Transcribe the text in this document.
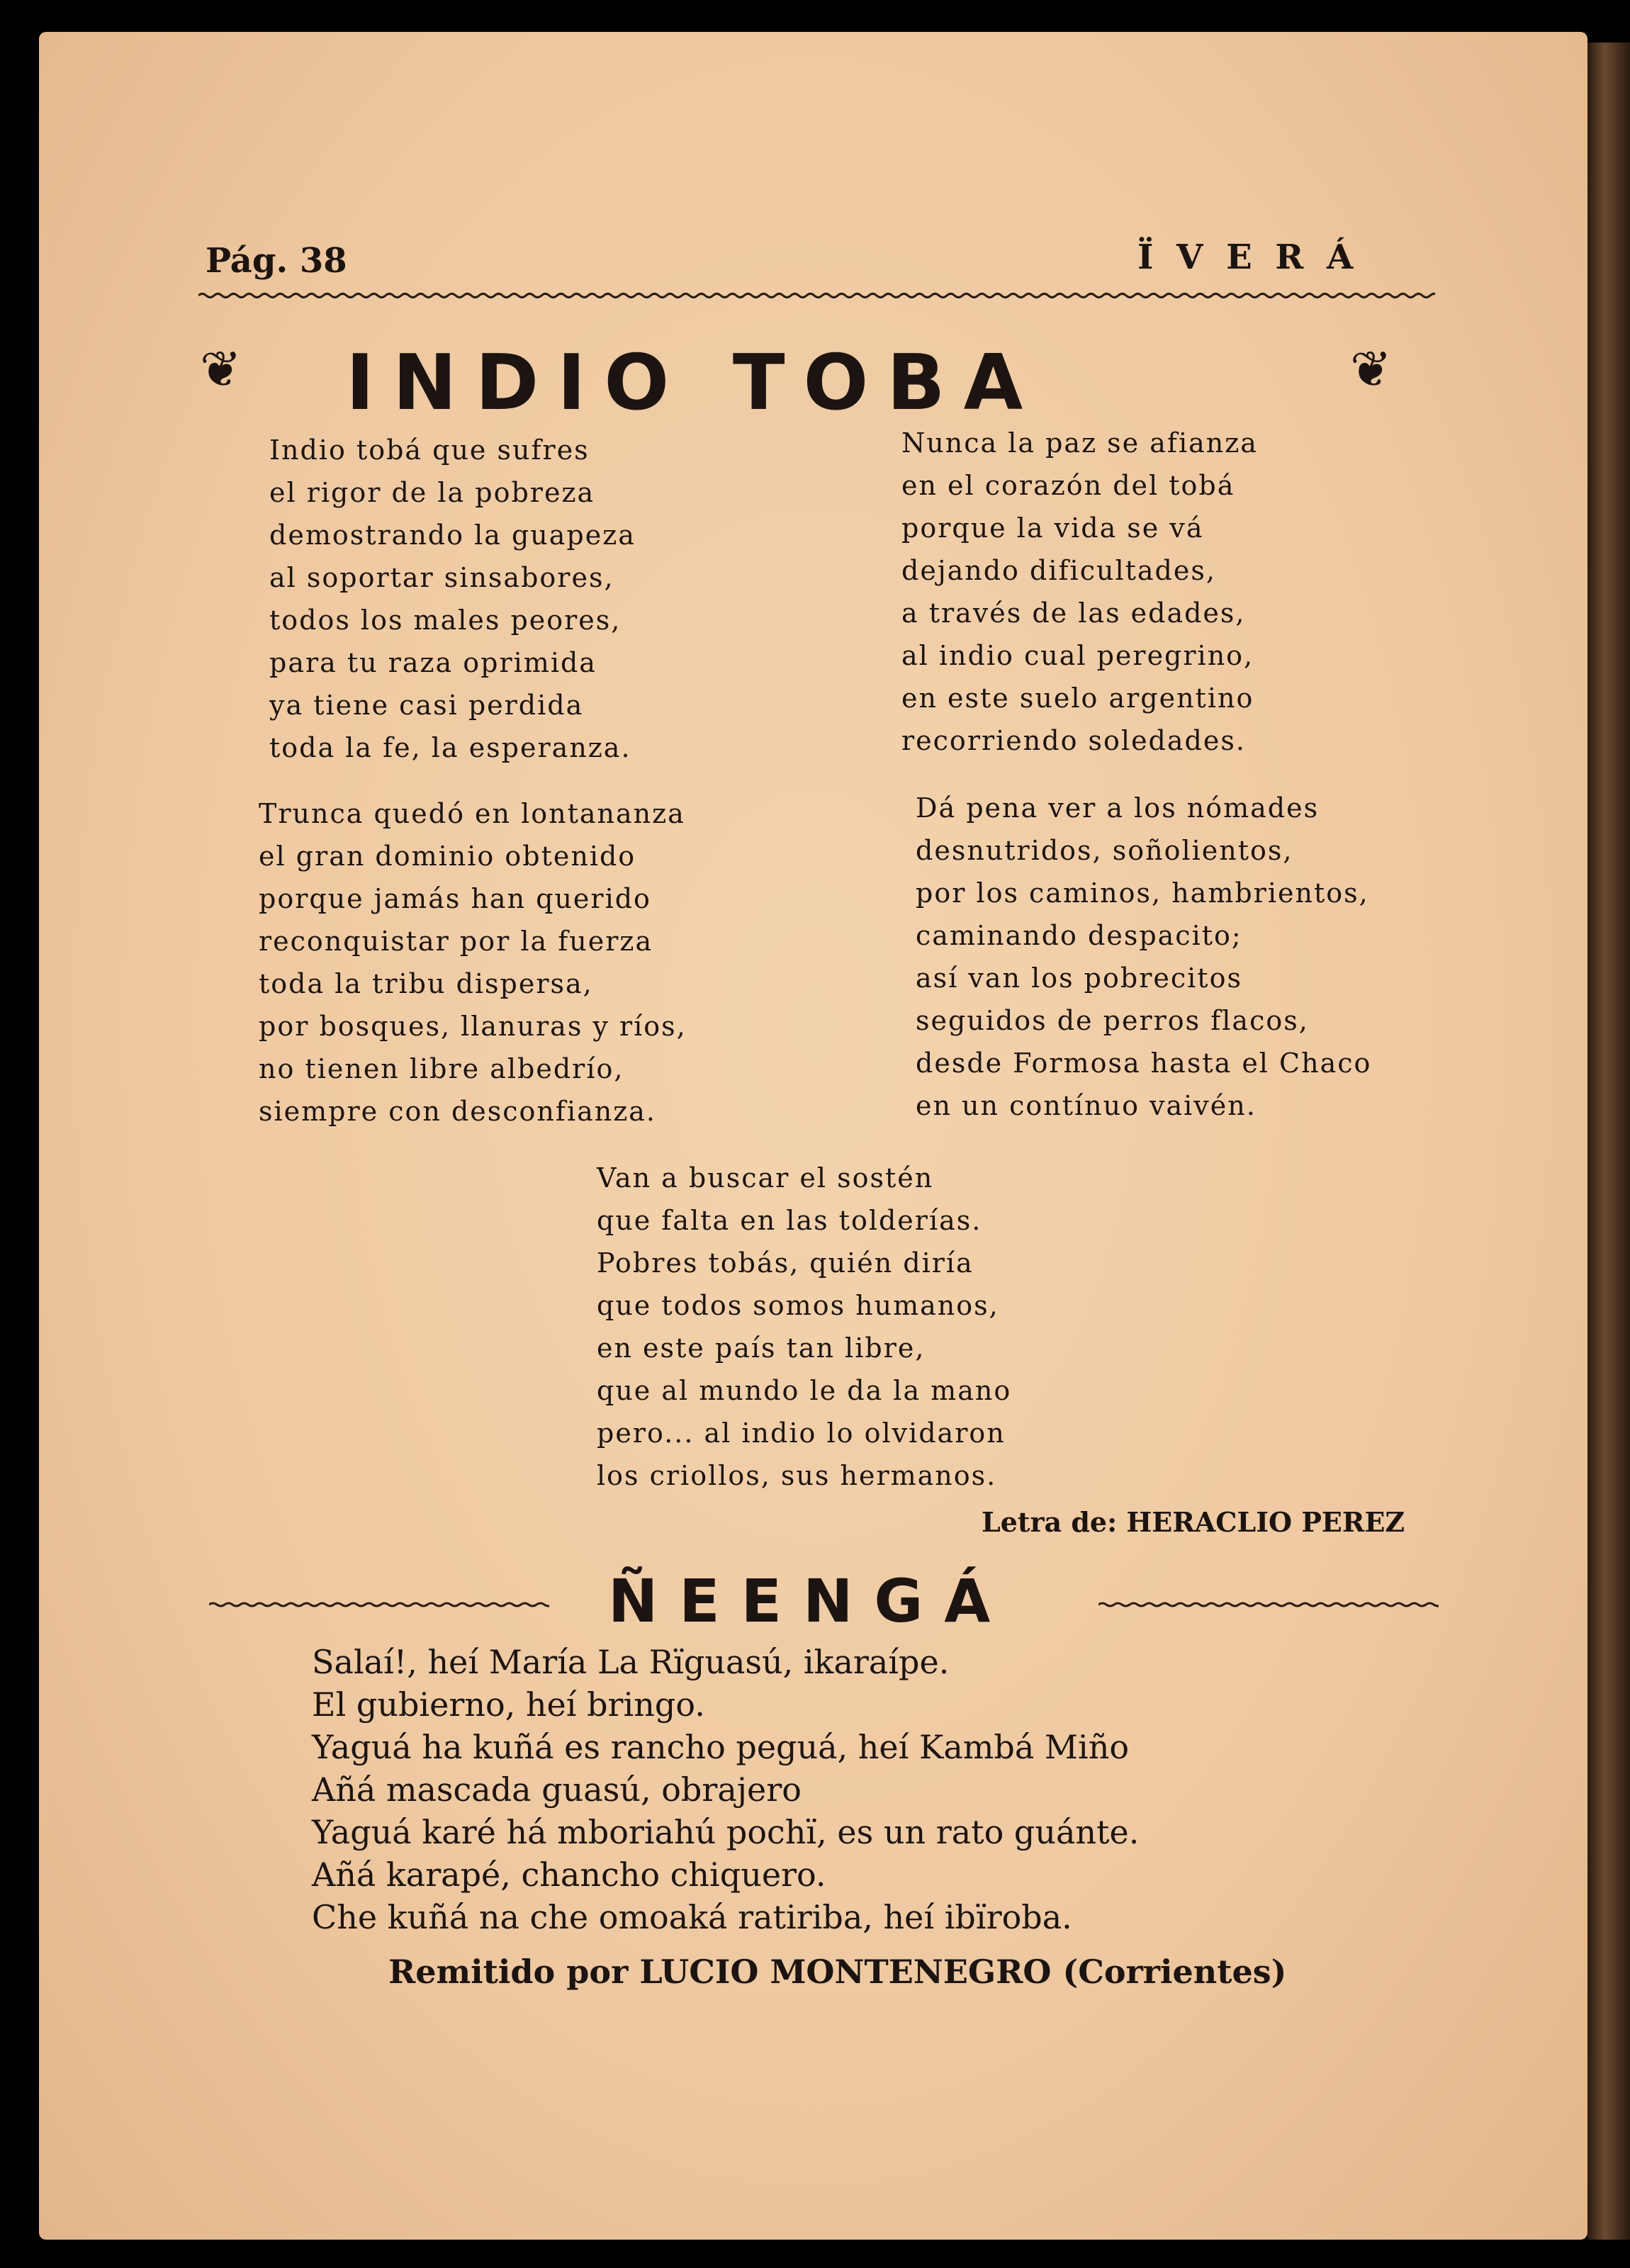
Pág. 38	Ï V E R Á
❦ INDIO TOBA	❦
Indio tobá que sufres
el rigor de la pobreza
demostrando la guapeza
al soportar sinsabores,
todos los males peores,
para tu raza oprimida
ya tiene casi perdida
toda la fe, la esperanza.
Trunca quedó en lontananza
el gran dominio obtenido
porque jamás han querido
reconquistar por la fuerza
toda la tribu dispersa,
por bosques, llanuras y ríos,
no tienen libre albedrío,
siempre con desconfianza.
Nunca la paz se afianza
en el corazón del tobá
porque la vida se vá
dejando dificultades,
a través de las edades,
al indio cual peregrino,
en este suelo argentino
recorriendo soledades.
Dá pena ver a los nómades
desnutridos, soñolientos,
por los caminos, hambrientos,
caminando despacito;
así van los pobrecitos
seguidos de perros flacos,
desde Formosa hasta el Chaco
en un contínuo vaivén.
Van a buscar el sostén
que falta en las tolderías.
Pobres tobás, quién diría
que todos somos humanos,
en este país tan libre,
que al mundo le da la mano
pero... al indio lo olvidaron
los criollos, sus hermanos.
Letra de: HERACLIO PEREZ
ÑEENGÁ
Salaí!, heí María La Rïguasú, ikaraípe.
El gubierno, heí bringo.
Yaguá ha kuñá es rancho peguá, heí Kambá Miño
Añá mascada guasú, obrajero
Yaguá karé há mboriahú pochï, es un rato guánte.
Añá karapé, chancho chiquero.
Che kuñá na che omoaká ratiriba, heí ibïroba.
Remitido por LUCIO MONTENEGRO (Corrientes)
